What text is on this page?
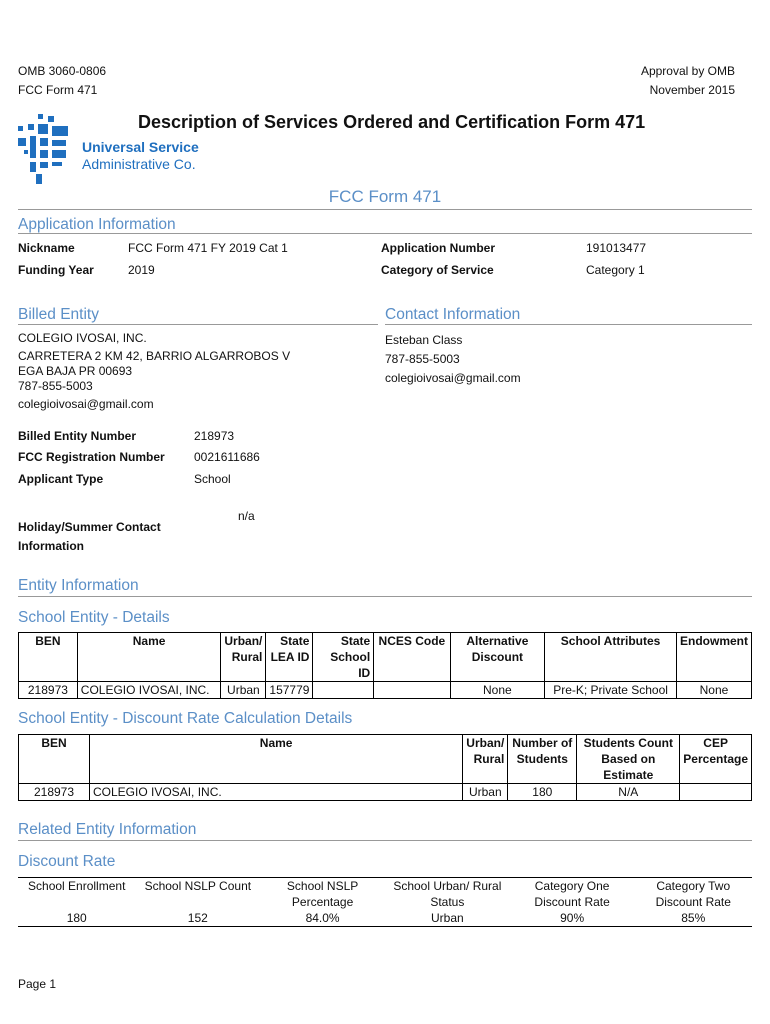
OMB 3060-0806
FCC Form 471
Approval by OMB
November 2015
Universal Service
Administrative Co.
Description of Services Ordered and Certification Form 471
FCC Form 471
Application Information
Nickname	FCC Form 471 FY 2019 Cat 1
Funding Year	2019
Application Number	191013477
Category of Service	Category 1
Billed Entity
COLEGIO IVOSAI, INC.
CARRETERA 2 KM 42, BARRIO ALGARROBOS V
EGA BAJA PR 00693
787-855-5003
colegioivosai@gmail.com
Billed Entity Number	218973
FCC Registration Number 0021611686
Applicant Type	School
Holiday/Summer Contact
Information
n/a
Contact Information
Esteban Class
787-855-5003
colegioivosai@gmail.com
Entity Information
School Entity - Details
BEN	Name	Urban/ Rural	State LEA ID	State School ID	NCES Code	Alternative Discount	School Attributes	Endowment
218973	COLEGIO IVOSAI, INC.	Urban	157779			None	Pre-K; Private School	None
School Entity - Discount Rate Calculation Details
BEN	Name	Urban/ Rural	Number of Students	Students Count Based on Estimate	CEP Percentage
218973	COLEGIO IVOSAI, INC.	Urban	180	N/A	
Related Entity Information
Discount Rate
School Enrollment	School NSLP Count	School NSLP Percentage	School Urban/ Rural Status	Category One Discount Rate	Category Two Discount Rate
180	152	84.0%	Urban	90%	85%
Page 1
